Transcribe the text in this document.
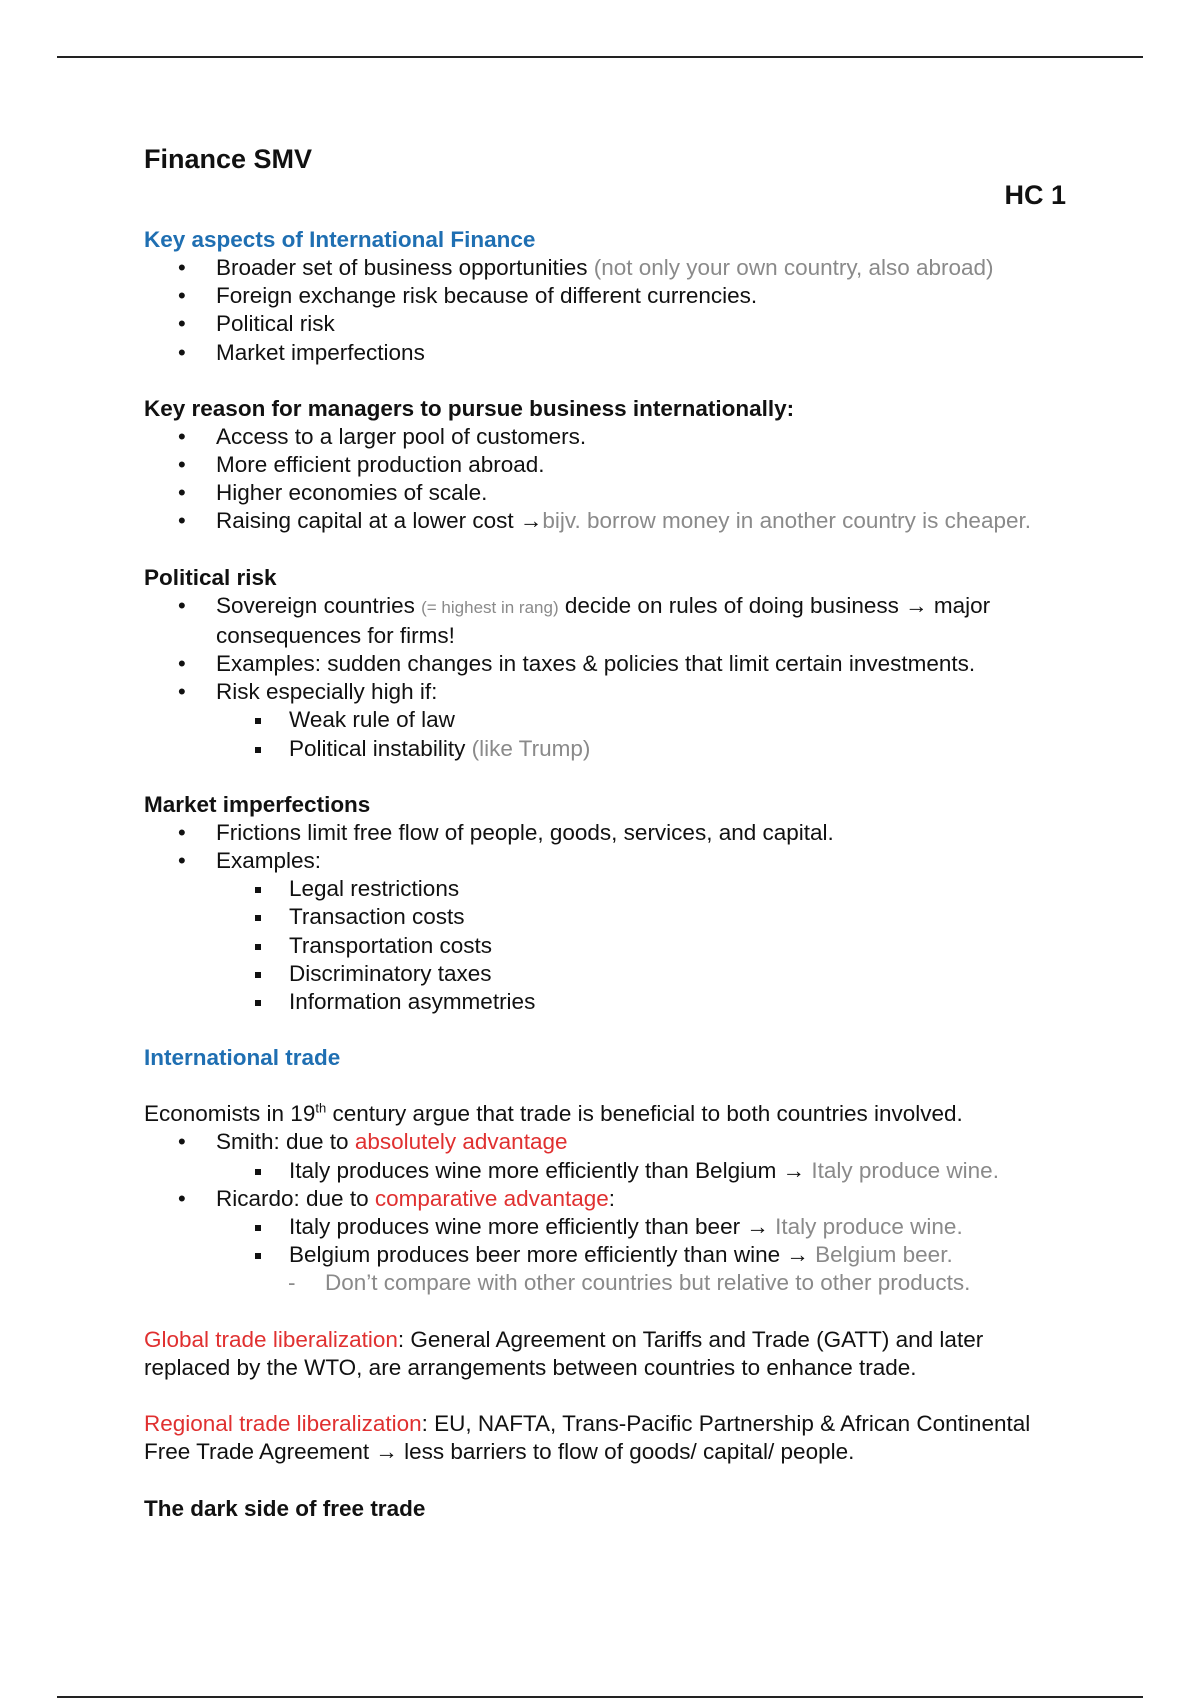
Finance SMV
HC 1
Key aspects of International Finance
• Broader set of business opportunities (not only your own country, also abroad)
• Foreign exchange risk because of different currencies.
• Political risk
• Market imperfections
Key reason for managers to pursue business internationally:
• Access to a larger pool of customers.
• More efficient production abroad.
• Higher economies of scale.
• Raising capital at a lower cost →bijv. borrow money in another country is cheaper.
Political risk
• Sovereign countries (= highest in rang) decide on rules of doing business → major consequences for firms!
• Examples: sudden changes in taxes & policies that limit certain investments.
• Risk especially high if:
Weak rule of law
Political instability (like Trump)
Market imperfections
• Frictions limit free flow of people, goods, services, and capital.
• Examples:
Legal restrictions
Transaction costs
Transportation costs
Discriminatory taxes
Information asymmetries
International trade

Economists in 19th century argue that trade is beneficial to both countries involved.

• Smith: due to absolutely advantage
Italy produces wine more efficiently than Belgium → Italy produce wine.
• Ricardo: due to comparative advantage:
Italy produces wine more efficiently than beer → Italy produce wine.
Belgium produces beer more efficiently than wine → Belgium beer.
- Don’t compare with other countries but relative to other products.

Global trade liberalization: General Agreement on Tariffs and Trade (GATT) and later replaced by the WTO, are arrangements between countries to enhance trade.

Regional trade liberalization: EU, NAFTA, Trans-Pacific Partnership & African Continental Free Trade Agreement → less barriers to flow of goods/ capital/ people.

The dark side of free trade
